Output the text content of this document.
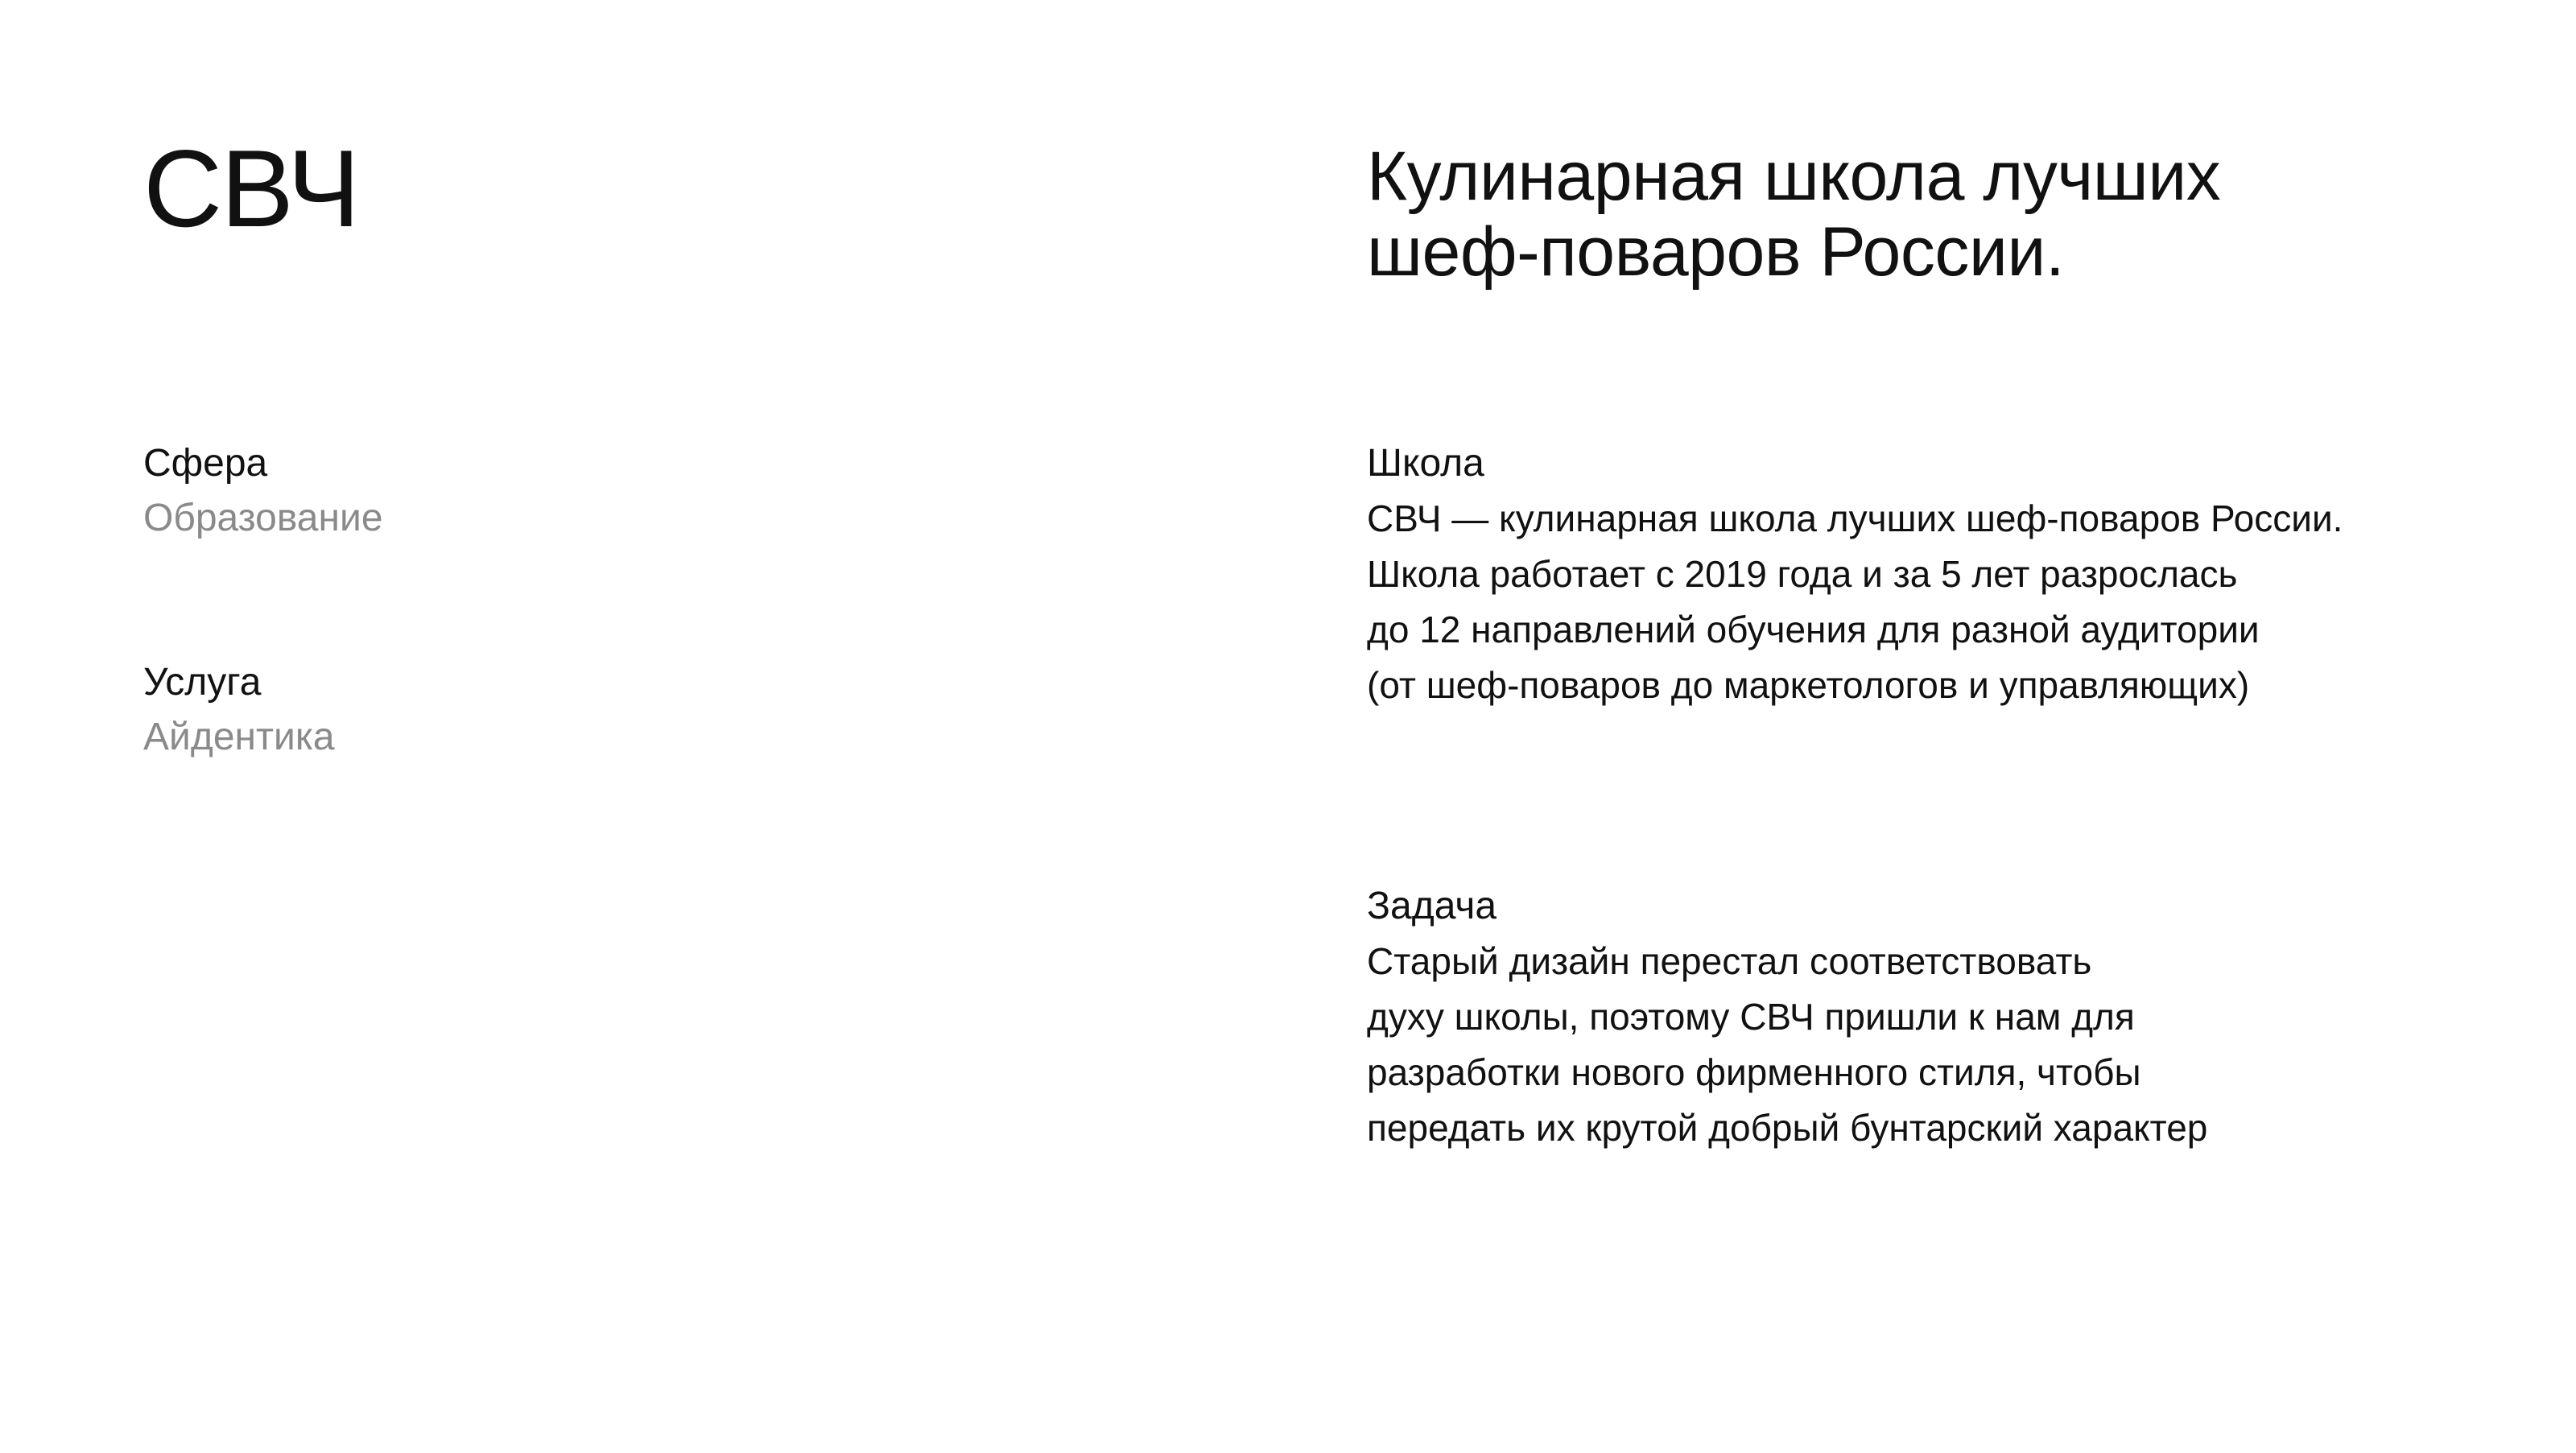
СВЧ
Сфера
Образование
Услуга
Айдентика
Кулинарная школа лучших
шеф-поваров России.
Школа
СВЧ — кулинарная школа лучших шеф-поваров России.
Школа работает с 2019 года и за 5 лет разрослась
до 12 направлений обучения для разной аудитории
(от шеф-поваров до маркетологов и управляющих)
Задача
Старый дизайн перестал соответствовать
духу школы, поэтому СВЧ пришли к нам для
разработки нового фирменного стиля, чтобы
передать их крутой добрый бунтарский характер
